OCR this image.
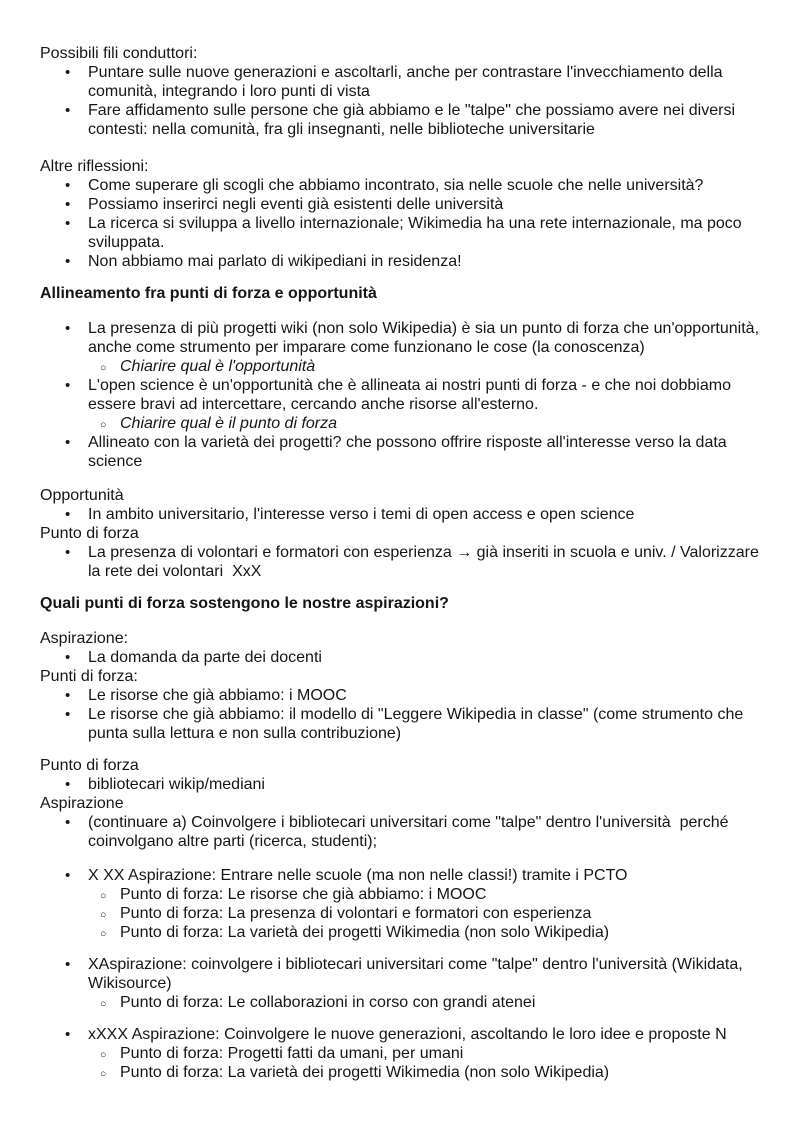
Possibili fili conduttori:

• Puntare sulle nuove generazioni e ascoltarli, anche per contrastare l'invecchiamento della
comunità, integrando i loro punti di vista
• Fare affidamento sulle persone che già abbiamo e le "talpe" che possiamo avere nei diversi
contesti: nella comunità, fra gli insegnanti, nelle biblioteche universitarie

Altre riflessioni:

• Come superare gli scogli che abbiamo incontrato, sia nelle scuole che nelle università?
• Possiamo inserirci negli eventi già esistenti delle università
• La ricerca si sviluppa a livello internazionale; Wikimedia ha una rete internazionale, ma poco
sviluppata.
• Non abbiamo mai parlato di wikipediani in residenza!
Allineamento fra punti di forza e opportunità
• La presenza di più progetti wiki (non solo Wikipedia) è sia un punto di forza che un'opportunità,
anche come strumento per imparare come funzionano le cose (la conoscenza)
○ Chiarire qual è l'opportunità
• L'open science è un'opportunità che è allineata ai nostri punti di forza - e che noi dobbiamo
essere bravi ad intercettare, cercando anche risorse all'esterno.
○ Chiarire qual è il punto di forza
• Allineato con la varietà dei progetti? che possono offrire risposte all'interesse verso la data
science

Opportunità

• In ambito universitario, l'interesse verso i temi di open access e open science

Punto di forza

• La presenza di volontari e formatori con esperienza → già inseriti in scuola e univ. / Valorizzare
la rete dei volontari  XxX
Quali punti di forza sostengono le nostre aspirazioni?

Aspirazione:

• La domanda da parte dei docenti

Punti di forza:

• Le risorse che già abbiamo: i MOOC
• Le risorse che già abbiamo: il modello di "Leggere Wikipedia in classe" (come strumento che
punta sulla lettura e non sulla contribuzione)

Punto di forza

• bibliotecari wikip/mediani

Aspirazione

• (continuare a) Coinvolgere i bibliotecari universitari come "talpe" dentro l'università  perché
coinvolgano altre parti (ricerca, studenti);
• X XX Aspirazione: Entrare nelle scuole (ma non nelle classi!) tramite i PCTO
○ Punto di forza: Le risorse che già abbiamo: i MOOC
○ Punto di forza: La presenza di volontari e formatori con esperienza
○ Punto di forza: La varietà dei progetti Wikimedia (non solo Wikipedia)
• XAspirazione: coinvolgere i bibliotecari universitari come "talpe" dentro l'università (Wikidata,
Wikisource)
○ Punto di forza: Le collaborazioni in corso con grandi atenei
• xXXX Aspirazione: Coinvolgere le nuove generazioni, ascoltando le loro idee e proposte N
○ Punto di forza: Progetti fatti da umani, per umani
○ Punto di forza: La varietà dei progetti Wikimedia (non solo Wikipedia)
